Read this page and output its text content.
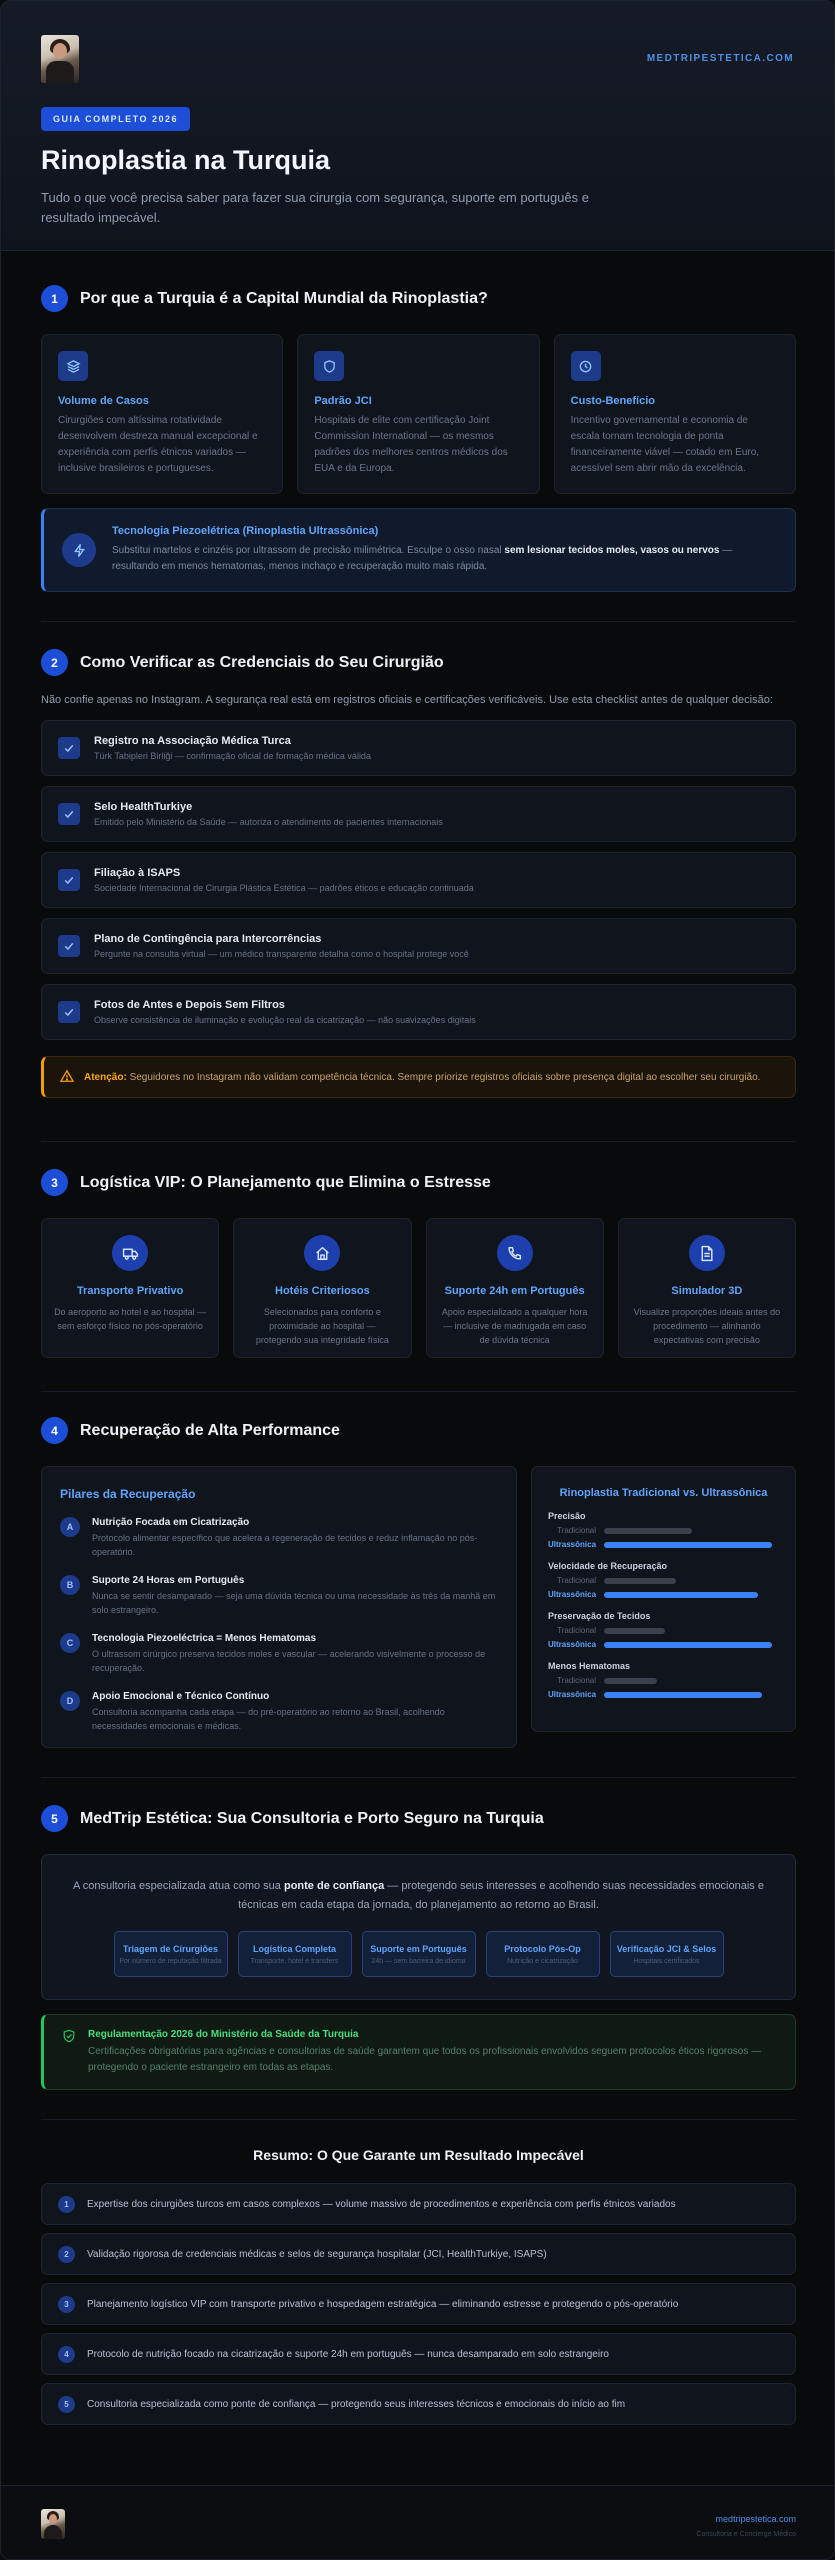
MEDTRIPESTETICA.COM
GUIA COMPLETO 2026
Rinoplastia na Turquia

Tudo o que você precisa saber para fazer sua cirurgia com segurança, suporte em português e resultado impecável.

1	Por que a Turquia é a Capital Mundial da Rinoplastia?
Volume de Casos
Cirurgiões com altíssima rotatividade desenvolvem destreza manual excepcional e experiência com perfis étnicos variados — inclusive brasileiros e portugueses.
Padrão JCI
Hospitais de elite com certificação Joint Commission International — os mesmos padrões dos melhores centros médicos dos EUA e da Europa.
Custo-Benefício
Incentivo governamental e economia de escala tornam tecnologia de ponta financeiramente viável — cotado em Euro, acessível sem abrir mão da excelência.
Tecnologia Piezoelétrica (Rinoplastia Ultrassônica)
Substitui martelos e cinzéis por ultrassom de precisão milimétrica. Esculpe o osso nasal sem lesionar tecidos moles, vasos ou nervos — resultando em menos hematomas, menos inchaço e recuperação muito mais rápida.
2	Como Verificar as Credenciais do Seu Cirurgião
Não confie apenas no Instagram. A segurança real está em registros oficiais e certificações verificáveis. Use esta checklist antes de qualquer decisão:
Registro na Associação Médica Turca
Türk Tabipleri Birliği — confirmação oficial de formação médica válida
Selo HealthTurkiye
Emitido pelo Ministério da Saúde — autoriza o atendimento de pacientes internacionais
Filiação à ISAPS
Sociedade Internacional de Cirurgia Plástica Estética — padrões éticos e educação continuada
Plano de Contingência para Intercorrências
Pergunte na consulta virtual — um médico transparente detalha como o hospital protege você
Fotos de Antes e Depois Sem Filtros
Observe consistência de iluminação e evolução real da cicatrização — não suavizações digitais
Atenção: Seguidores no Instagram não validam competência técnica. Sempre priorize registros oficiais sobre presença digital ao escolher seu cirurgião.
3	Logística VIP: O Planejamento que Elimina o Estresse
Transporte Privativo
Do aeroporto ao hotel e ao hospital — sem esforço físico no pós-operatório
Hotéis Criteriosos
Selecionados para conforto e proximidade ao hospital — protegendo sua integridade física
Suporte 24h em Português
Apoio especializado a qualquer hora — inclusive de madrugada em caso de dúvida técnica
Simulador 3D
Visualize proporções ideais antes do procedimento — alinhando expectativas com precisão
4	Recuperação de Alta Performance
Pilares da Recuperação
A	Nutrição Focada em Cicatrização
Protocolo alimentar específico que acelera a regeneração de tecidos e reduz inflamação no pós-operatório.
B	Suporte 24 Horas em Português
Nunca se sentir desamparado — seja uma dúvida técnica ou uma necessidade às três da manhã em solo estrangeiro.
C	Tecnologia Piezoeléctrica = Menos Hematomas
O ultrassom cirúrgico preserva tecidos moles e vascular — acelerando visivelmente o processo de recuperação.
D	Apoio Emocional e Técnico Contínuo
Consultoria acompanha cada etapa — do pré-operatório ao retorno ao Brasil, acolhendo necessidades emocionais e médicas.
Rinoplastia Tradicional vs. Ultrassônica
Precisão
Tradicional
Ultrassônica
Velocidade de Recuperação
Tradicional
Ultrassônica
Preservação de Tecidos
Tradicional
Ultrassônica
Menos Hematomas
Tradicional
Ultrassônica
5	MedTrip Estética: Sua Consultoria e Porto Seguro na Turquia

A consultoria especializada atua como sua ponte de confiança — protegendo seus interesses e acolhendo suas necessidades emocionais e técnicas em cada etapa da jornada, do planejamento ao retorno ao Brasil.

Triagem de Cirurgiões
Por número de reputação filtrada
Logística Completa
Transporte, hotel e transfers
Suporte em Português
24h — sem barreira de idioma
Protocolo Pós-Op
Nutrição e cicatrização
Verificação JCI & Selos
Hospitais certificados
Regulamentação 2026 do Ministério da Saúde da Turquia
Certificações obrigatórias para agências e consultorias de saúde garantem que todos os profissionais envolvidos seguem protocolos éticos rigorosos — protegendo o paciente estrangeiro em todas as etapas.
Resumo: O Que Garante um Resultado Impecável
1	Expertise dos cirurgiões turcos em casos complexos — volume massivo de procedimentos e experiência com perfis étnicos variados
2	Validação rigorosa de credenciais médicas e selos de segurança hospitalar (JCI, HealthTurkiye, ISAPS)
3	Planejamento logístico VIP com transporte privativo e hospedagem estratégica — eliminando estresse e protegendo o pós-operatório
4	Protocolo de nutrição focado na cicatrização e suporte 24h em português — nunca desamparado em solo estrangeiro
5	Consultoria especializada como ponte de confiança — protegendo seus interesses técnicos e emocionais do início ao fim
medtripestetica.com
Consultoria e Concierge Médico
